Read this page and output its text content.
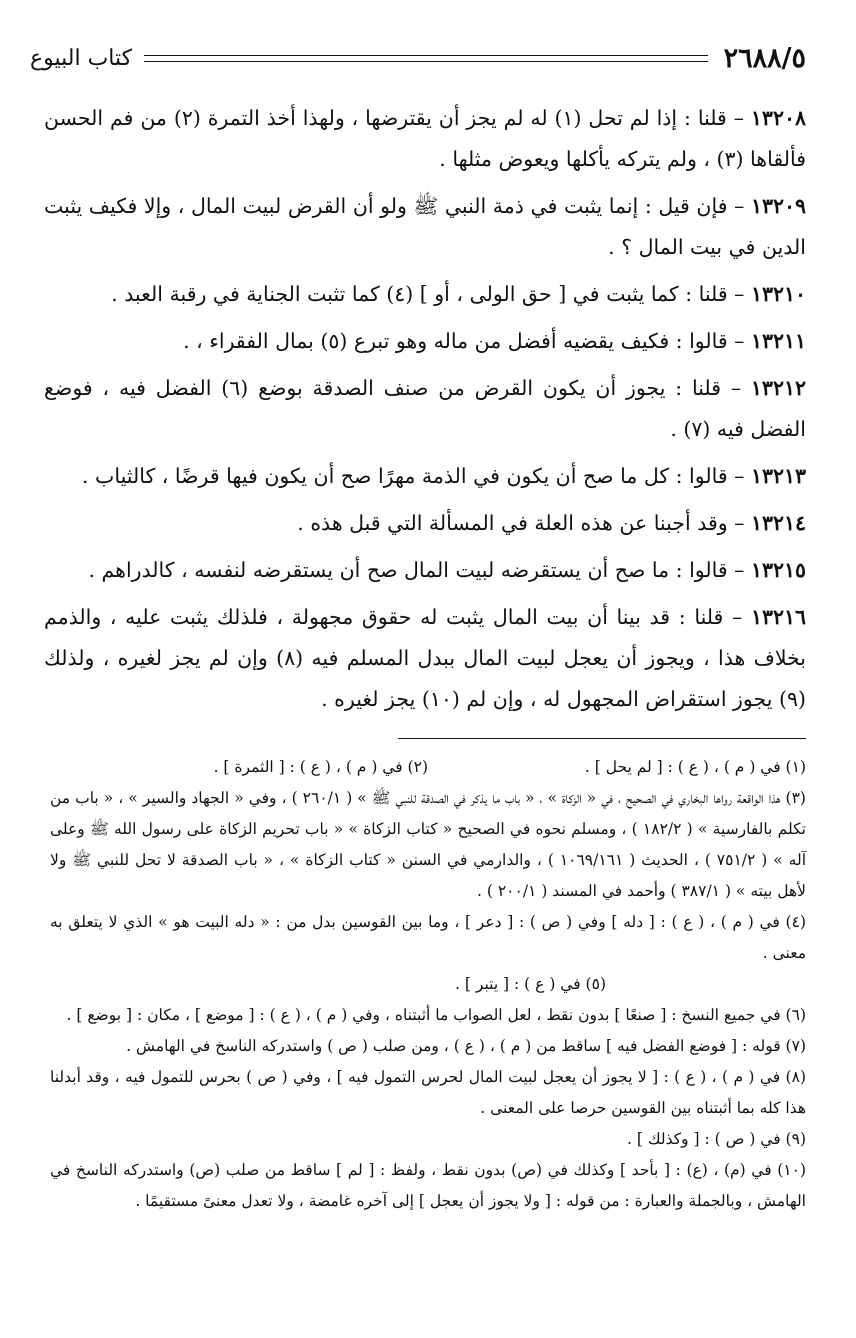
٢٦٨٨/٥
كتاب البيوع

١٣٢٠٨ – قلنا : إذا لم تحل (١) له لم يجز أن يقترضها ، ولهذا أخذ التمرة (٢) من فم الحسن فألقاها (٣) ، ولم يتركه يأكلها ويعوض مثلها .

١٣٢٠٩ – فإن قيل : إنما يثبت في ذمة النبي ﷺ ولو أن القرض لبيت المال ، وإلا فكيف يثبت الدين في بيت المال ؟ .

١٣٢١٠ – قلنا : كما يثبت في [ حق الولى ، أو ] (٤) كما تثبت الجناية في رقبة العبد .

١٣٢١١ – قالوا : فكيف يقضيه أفضل من ماله وهو تبرع (٥) بمال الفقراء ، .

١٣٢١٢ – قلنا : يجوز أن يكون القرض من صنف الصدقة بوضع (٦) الفضل فيه ، فوضع الفضل فيه (٧) .

١٣٢١٣ – قالوا : كل ما صح أن يكون في الذمة مهرًا صح أن يكون فيها قرضًا ، كالثياب .

١٣٢١٤ – وقد أجبنا عن هذه العلة في المسألة التي قبل هذه .

١٣٢١٥ – قالوا : ما صح أن يستقرضه لبيت المال صح أن يستقرضه لنفسه ، كالدراهم .

١٣٢١٦ – قلنا : قد بينا أن بيت المال يثبت له حقوق مجهولة ، فلذلك يثبت عليه ، والذمم بخلاف هذا ، ويجوز أن يعجل لبيت المال ببدل المسلم فيه (٨) وإن لم يجز لغيره ، ولذلك (٩) يجوز استقراض المجهول له ، وإن لم (١٠) يجز لغيره .

(١) في ( م ) ، ( ع ) : [ لم يحل ] .
(٢) في ( م ) ، ( ع ) : [ الثمرة ] .

(٣) هذا الواقعة رواها البخاري في الصحيح ، في « الزكاة » ، « باب ما يذكر في الصدقة للنبي ﷺ » ( ٢٦٠/١ ) ، وفي « الجهاد والسير » ، « باب من تكلم بالفارسية » ( ١٨٢/٢ ) ، ومسلم نحوه في الصحيح « كتاب الزكاة » « باب تحريم الزكاة على رسول الله ﷺ وعلى آله » ( ٧٥١/٢ ) ، الحديث ( ١٠٦٩/١٦١ ) ، والدارمي في السنن « كتاب الزكاة » ، « باب الصدقة لا تحل للنبي ﷺ ولا لأهل بيته » ( ٣٨٧/١ ) وأحمد في المسند ( ٢٠٠/١ ) .

(٤) في ( م ) ، ( ع ) : [ دله ] وفي ( ص ) : [ دعر ] ، وما بين القوسين بدل من : « دله البيت هو » الذي لا يتعلق به معنى .

(٥) في ( ع ) : [ يتبر ] .

(٦) في جميع النسخ : [ صنعًا ] بدون نقط ، لعل الصواب ما أثبتناه ، وفي ( م ) ، ( ع ) : [ موضع ] ، مكان : [ بوضع ] .

(٧) قوله : [ فوضع الفضل فيه ] ساقط من ( م ) ، ( ع ) ، ومن صلب ( ص ) واستدركه الناسخ في الهامش .

(٨) في ( م ) ، ( ع ) : [ لا يجوز أن يعجل لبيت المال لحرس التمول فيه ] ، وفي ( ص ) بحرس للتمول فيه ، وقد أبدلنا هذا كله بما أثبتناه بين القوسين حرصا على المعنى .

(٩) في ( ص ) : [ وكذلك ] .

(١٠) في (م) ، (ع) : [ بأحد ] وكذلك في (ص) بدون نقط ، ولفظ : [ لم ] ساقط من صلب (ص) واستدركه الناسخ في الهامش ، وبالجملة والعبارة : من قوله : [ ولا يجوز أن يعجل ] إلى آخره غامضة ، ولا تعدل معنىً مستقيمًا .
